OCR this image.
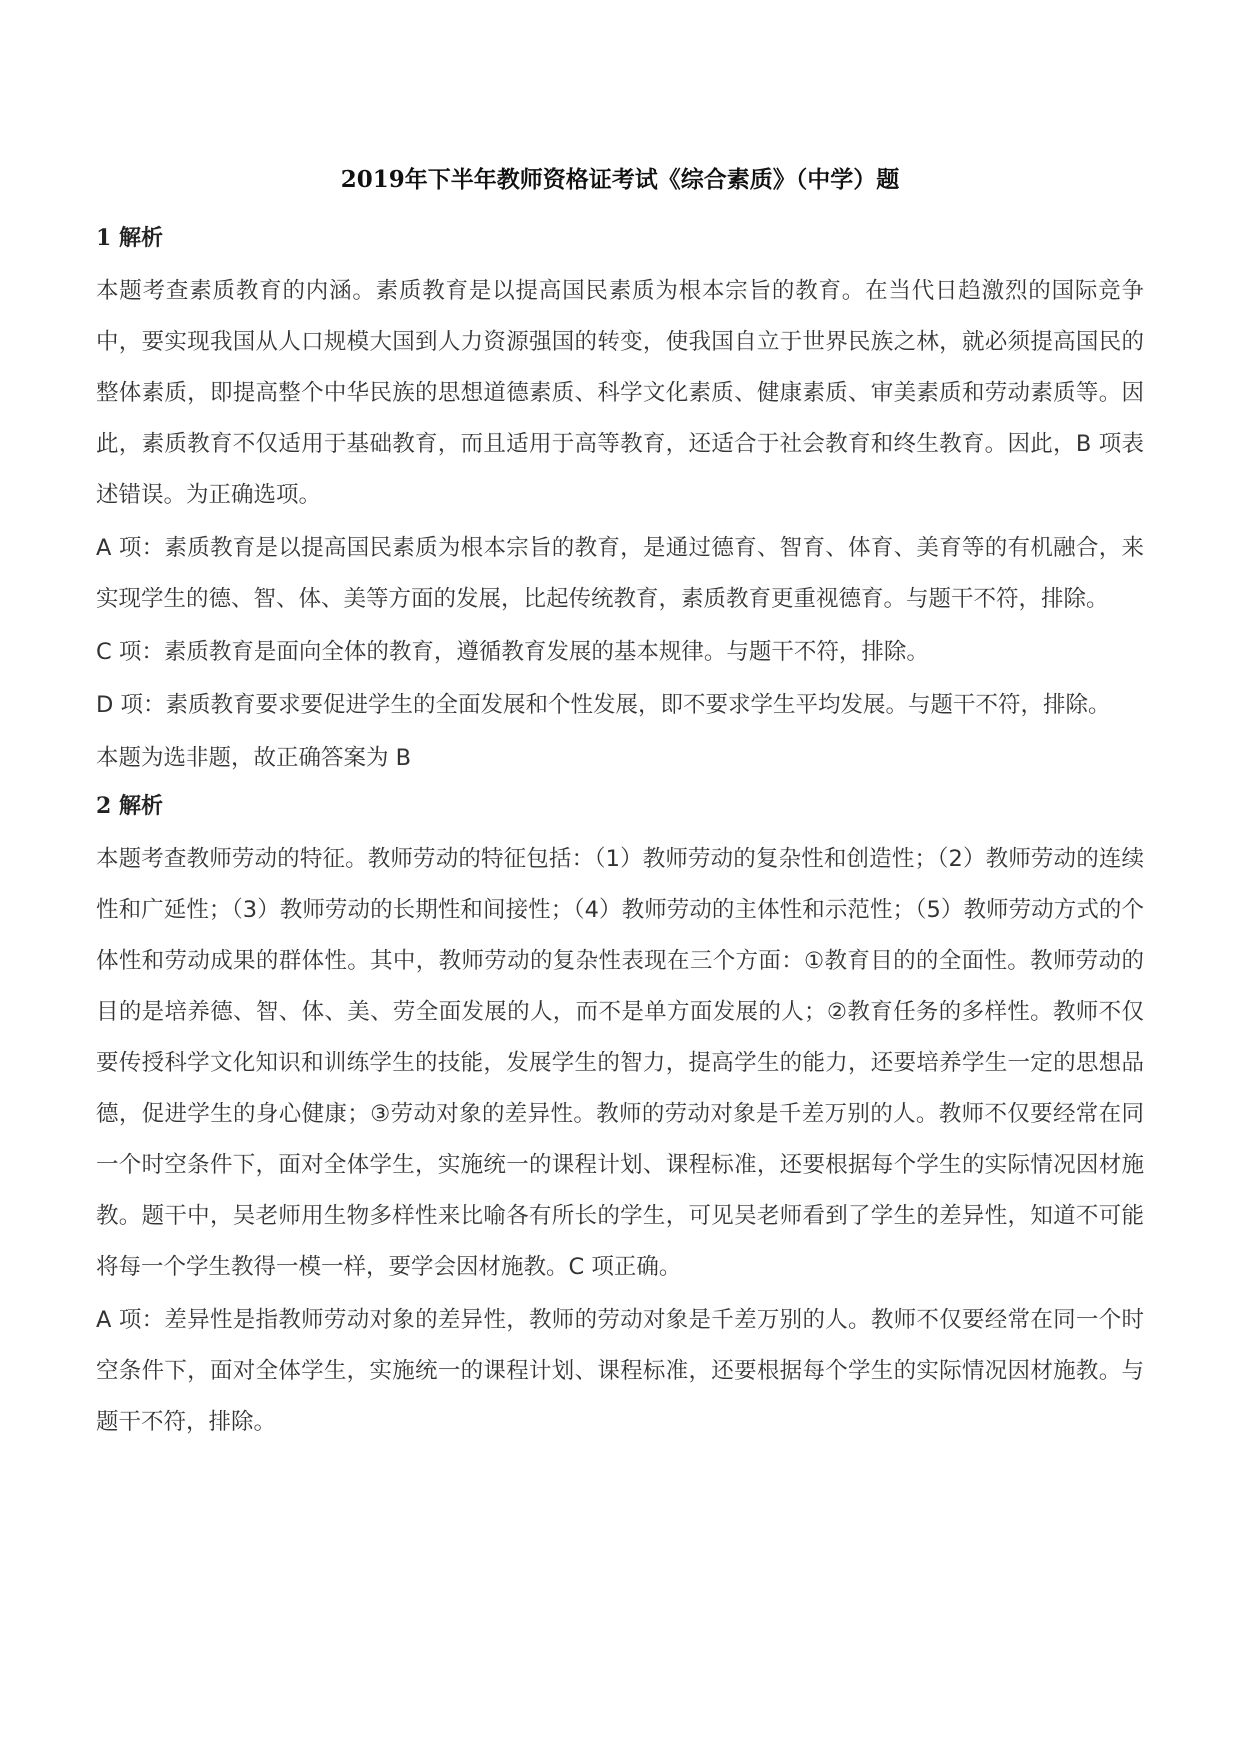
2019年下半年教师资格证考试《综合素质》（中学）题
1 解析

本题考查素质教育的内涵。素质教育是以提高国民素质为根本宗旨的教育。在当代日趋激烈的国际竞争中，要实现我国从人口规模大国到人力资源强国的转变，使我国自立于世界民族之林，就必须提高国民的整体素质，即提高整个中华民族的思想道德素质、科学文化素质、健康素质、审美素质和劳动素质等。因此，素质教育不仅适用于基础教育，而且适用于高等教育，还适合于社会教育和终生教育。因此，B 项表述错误。为正确选项。

A 项：素质教育是以提高国民素质为根本宗旨的教育，是通过德育、智育、体育、美育等的有机融合，来实现学生的德、智、体、美等方面的发展，比起传统教育，素质教育更重视德育。与题干不符，排除。

C 项：素质教育是面向全体的教育，遵循教育发展的基本规律。与题干不符，排除。

D 项：素质教育要求要促进学生的全面发展和个性发展，即不要求学生平均发展。与题干不符，排除。

本题为选非题，故正确答案为 B

2 解析

本题考查教师劳动的特征。教师劳动的特征包括：（1）教师劳动的复杂性和创造性；（2）教师劳动的连续性和广延性；（3）教师劳动的长期性和间接性；（4）教师劳动的主体性和示范性；（5）教师劳动方式的个体性和劳动成果的群体性。其中，教师劳动的复杂性表现在三个方面：①教育目的的全面性。教师劳动的目的是培养德、智、体、美、劳全面发展的人，而不是单方面发展的人；②教育任务的多样性。教师不仅要传授科学文化知识和训练学生的技能，发展学生的智力，提高学生的能力，还要培养学生一定的思想品德，促进学生的身心健康；③劳动对象的差异性。教师的劳动对象是千差万别的人。教师不仅要经常在同一个时空条件下，面对全体学生，实施统一的课程计划、课程标准，还要根据每个学生的实际情况因材施教。题干中，吴老师用生物多样性来比喻各有所长的学生，可见吴老师看到了学生的差异性，知道不可能将每一个学生教得一模一样，要学会因材施教。C 项正确。

A 项：差异性是指教师劳动对象的差异性，教师的劳动对象是千差万别的人。教师不仅要经常在同一个时空条件下，面对全体学生，实施统一的课程计划、课程标准，还要根据每个学生的实际情况因材施教。与题干不符，排除。
